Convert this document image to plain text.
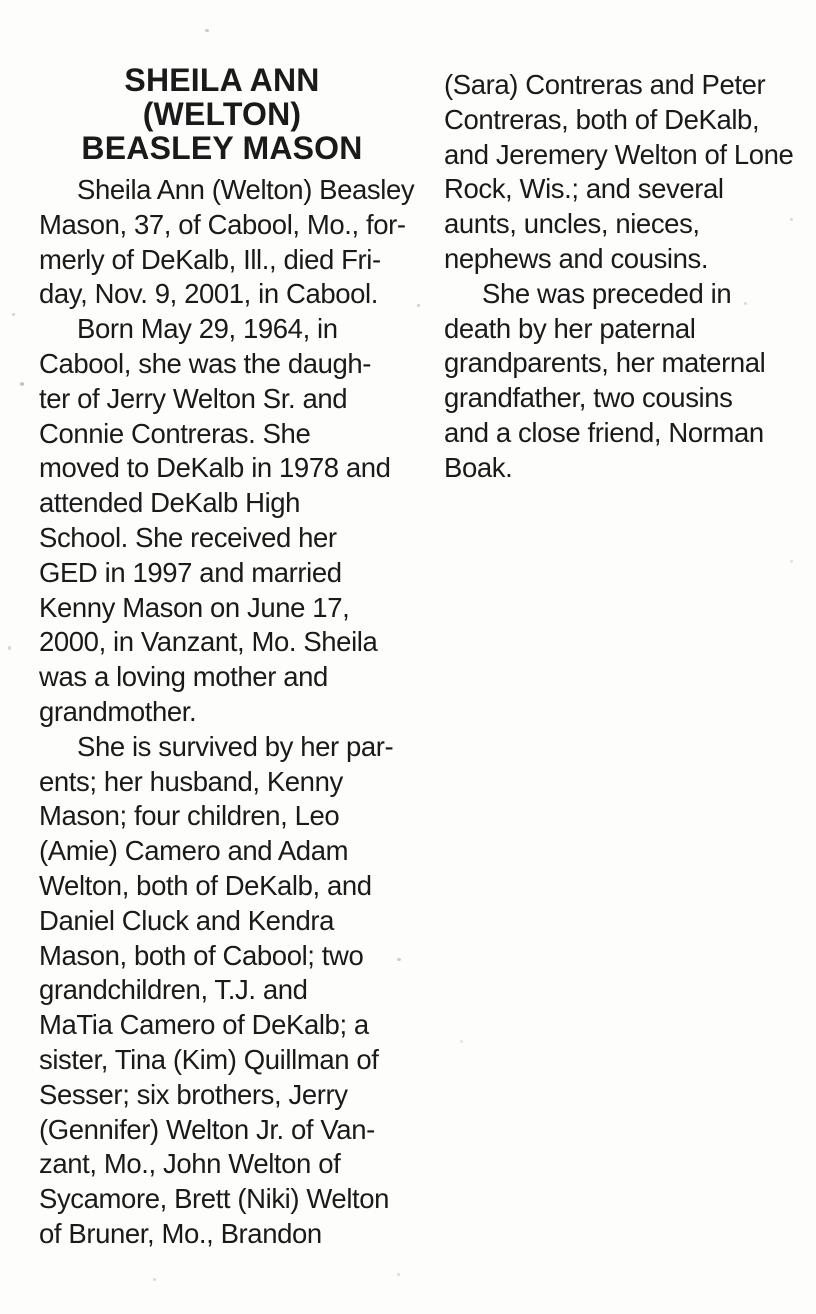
SHEILA ANN
(WELTON)
BEASLEY MASON

Sheila Ann (Welton) Beasley
Mason, 37, of Cabool, Mo., for-
merly of DeKalb, Ill., died Fri-
day, Nov. 9, 2001, in Cabool.

Born May 29, 1964, in
Cabool, she was the daugh-
ter of Jerry Welton Sr. and
Connie Contreras. She
moved to DeKalb in 1978 and
attended DeKalb High
School. She received her
GED in 1997 and married
Kenny Mason on June 17,
2000, in Vanzant, Mo. Sheila
was a loving mother and
grandmother.

She is survived by her par-
ents; her husband, Kenny
Mason; four children, Leo
(Amie) Camero and Adam
Welton, both of DeKalb, and
Daniel Cluck and Kendra
Mason, both of Cabool; two
grandchildren, T.J. and
MaTia Camero of DeKalb; a
sister, Tina (Kim) Quillman of
Sesser; six brothers, Jerry
(Gennifer) Welton Jr. of Van-
zant, Mo., John Welton of
Sycamore, Brett (Niki) Welton
of Bruner, Mo., Brandon

(Sara) Contreras and Peter
Contreras, both of DeKalb,
and Jeremery Welton of Lone
Rock, Wis.; and several
aunts, uncles, nieces,
nephews and cousins.

She was preceded in
death by her paternal
grandparents, her maternal
grandfather, two cousins
and a close friend, Norman
Boak.
